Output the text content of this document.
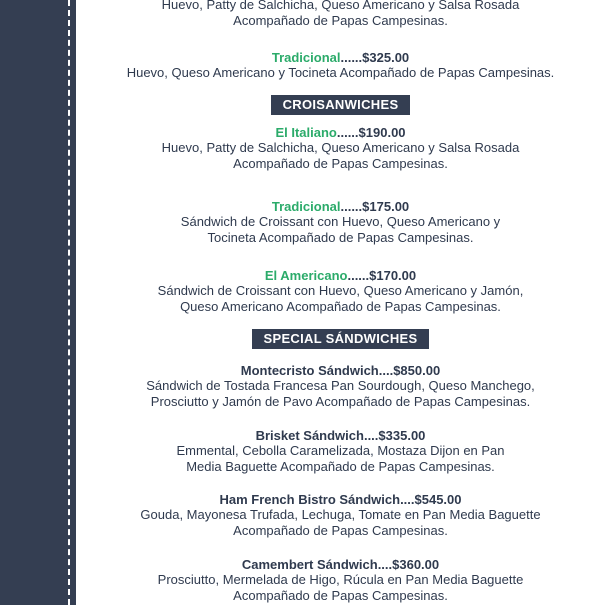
Huevo, Patty de Salchicha, Queso Americano y Salsa Rosada
Acompañado de Papas Campesinas.
Tradicional......$325.00
Huevo, Queso Americano y Tocineta Acompañado de Papas Campesinas.
CROISANWICHES
El Italiano......$190.00
Huevo, Patty de Salchicha, Queso Americano y Salsa Rosada
Acompañado de Papas Campesinas.
Tradicional......$175.00
Sándwich de Croissant con Huevo, Queso Americano y
Tocineta Acompañado de Papas Campesinas.
El Americano......$170.00
Sándwich de Croissant con Huevo, Queso Americano y Jamón,
Queso Americano Acompañado de Papas Campesinas.
SPECIAL SÁNDWICHES
Montecristo Sándwich....$850.00
Sándwich de Tostada Francesa Pan Sourdough, Queso Manchego,
Prosciutto y Jamón de Pavo Acompañado de Papas Campesinas.
Brisket Sándwich....$335.00
Emmental, Cebolla Caramelizada, Mostaza Dijon en Pan
Media Baguette Acompañado de Papas Campesinas.
Ham French Bistro Sándwich....$545.00
Gouda, Mayonesa Trufada, Lechuga, Tomate en Pan Media Baguette
Acompañado de Papas Campesinas.
Camembert Sándwich....$360.00
Prosciutto, Mermelada de Higo, Rúcula en Pan Media Baguette
Acompañado de Papas Campesinas.
